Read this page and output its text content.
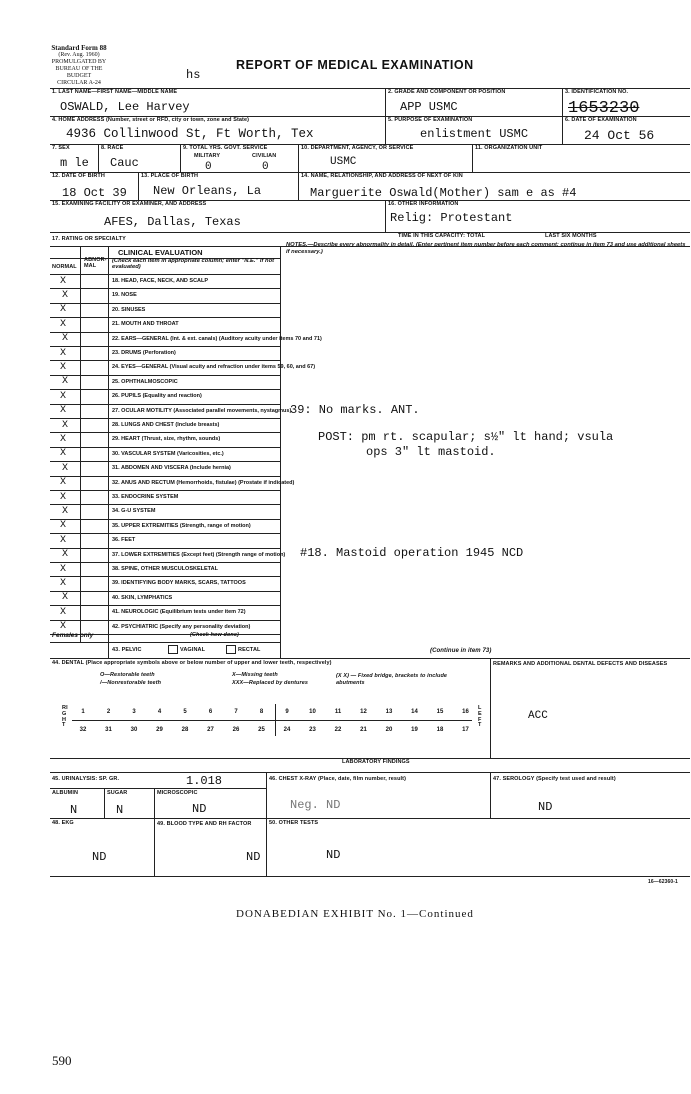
Standard Form 88
(Rev. Aug. 1960)
PROMULGATED BY
BUREAU OF THE BUDGET
CIRCULAR A-24
hs
REPORT OF MEDICAL EXAMINATION
1. LAST NAME—FIRST NAME—MIDDLE NAME
OSWALD, Lee Harvey
2. GRADE AND COMPONENT OR POSITION
APP USMC
3. IDENTIFICATION NO.
1653230
4. HOME ADDRESS (Number, street or RFD, city or town, zone and State)
4936 Collinwood St, Ft Worth, Tex
5. PURPOSE OF EXAMINATION
enlistment USMC
6. DATE OF EXAMINATION
24 Oct 56
7. SEX
m le
8. RACE
Cauc
9. TOTAL YRS. GOVT. SERVICE
MILITARY	CIVILIAN
0	0
10. DEPARTMENT, AGENCY, OR SERVICE
USMC
11. ORGANIZATION UNIT
12. DATE OF BIRTH
18 Oct 39
13. PLACE OF BIRTH
New Orleans, La
14. NAME, RELATIONSHIP, AND ADDRESS OF NEXT OF KIN
Marguerite Oswald(Mother) sam e as #4
15. EXAMINING FACILITY OR EXAMINER, AND ADDRESS
AFES, Dallas, Texas
16. OTHER INFORMATION
Relig: Protestant
17. RATING OR SPECIALTY	TIME IN THIS CAPACITY: TOTAL	LAST SIX MONTHS
CLINICAL EVALUATION
(Check each item in appropriate column; enter "N.E." if not evaluated)
NORMAL
ABNOR-MAL
18. HEAD, FACE, NECK, AND SCALP
X
19. NOSE
X
20. SINUSES
X
21. MOUTH AND THROAT
X
22. EARS—GENERAL (Int. & ext. canals) (Auditory acuity under items 70 and 71)
X
23. DRUMS (Perforation)
X
24. EYES—GENERAL (Visual acuity and refraction under items 59, 60, and 67)
X
25. OPHTHALMOSCOPIC
X
26. PUPILS (Equality and reaction)
X
27. OCULAR MOTILITY (Associated parallel movements, nystagmus)
X
28. LUNGS AND CHEST (Include breasts)
X
29. HEART (Thrust, size, rhythm, sounds)
X
30. VASCULAR SYSTEM (Varicosities, etc.)
X
31. ABDOMEN AND VISCERA (Include hernia)
X
32. ANUS AND RECTUM (Hemorrhoids, fistulae) (Prostate if indicated)
X
33. ENDOCRINE SYSTEM
X
34. G-U SYSTEM
X
35. UPPER EXTREMITIES (Strength, range of motion)
X
36. FEET
X
37. LOWER EXTREMITIES (Except feet) (Strength range of motion)
X
38. SPINE, OTHER MUSCULOSKELETAL
X
39. IDENTIFYING BODY MARKS, SCARS, TATTOOS
X
40. SKIN, LYMPHATICS
X
41. NEUROLOGIC (Equilibrium tests under item 72)
X
42. PSYCHIATRIC (Specify any personality deviation)
X
Females only	(Check how done)
43. PELVIC	VAGINAL	RECTAL
NOTES.—Describe every abnormality in detail. (Enter pertinent item number before each comment; continue in item 73 and use additional sheets if necessary.)
39: No marks. ANT.
POST: pm rt. scapular; s½" lt hand; vsula
ops 3" lt mastoid.
#18. Mastoid operation 1945 NCD
(Continue in item 73)
44. DENTAL (Place appropriate symbols above or below number of upper and lower teeth, respectively)	REMARKS AND ADDITIONAL DENTAL DEFECTS AND DISEASES
O—Restorable teeth
/—Nonrestorable teeth
X—Missing teeth
XXX—Replaced by dentures
(X X) — Fixed bridge, brackets to include abutments
ACC
RIGHT
LEFT
1	2	3	4	5	6	7	8	9	10	11	12	13	14	15	16
32	31	30	29	28	27	26	25	24	23	22	21	20	19	18	17
LABORATORY FINDINGS
45. URINALYSIS: SP. GR.	1.018
ALBUMIN
N
SUGAR
N
MICROSCOPIC
ND
46. CHEST X-RAY (Place, date, film number, result)
Neg. ND
47. SEROLOGY (Specify test used and result)
ND
48. EKG
ND
49. BLOOD TYPE AND RH FACTOR
ND
50. OTHER TESTS
ND
16—62360-1
DONABEDIAN EXHIBIT No. 1—Continued
590
